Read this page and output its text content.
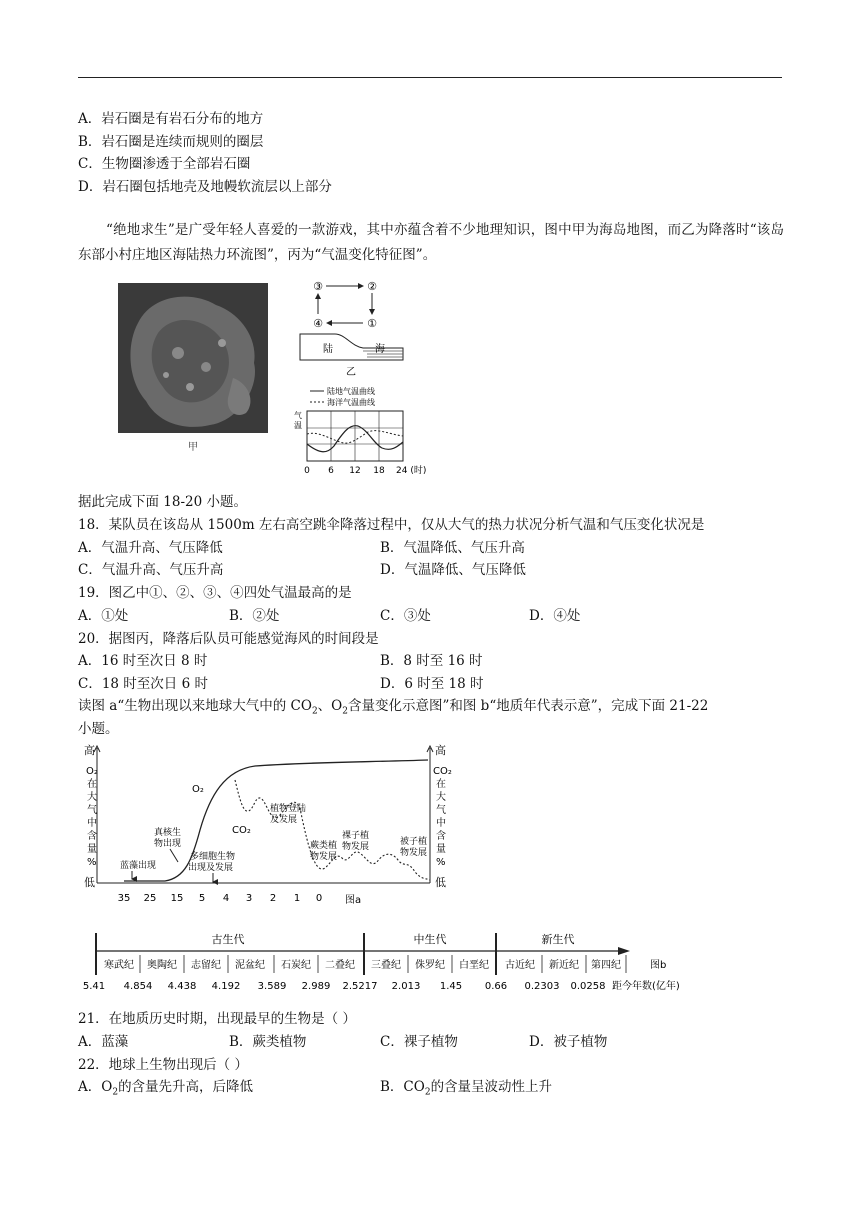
A．岩石圈是有岩石分布的地方
B．岩石圈是连续而规则的圈层
C．生物圈渗透于全部岩石圈
D．岩石圈包括地壳及地幔软流层以上部分
“绝地求生”是广受年轻人喜爱的一款游戏，其中亦蕴含着不少地理知识，图中甲为海岛地图，而乙为降落时“该岛东部小村庄地区海陆热力环流图”，丙为“气温变化特征图”。
甲
③	②
④	①
陆	海
乙
陆地气温曲线
海洋气温曲线
气
温
0 6 12 18 24 (时)
据此完成下面 18-20 小题。
18．某队员在该岛从 1500m 左右高空跳伞降落过程中，仅从大气的热力状况分析气温和气压变化状况是
A．气温升高、气压降低	B．气温降低、气压升高
C．气温升高、气压升高	D．气温降低、气压降低
19．图乙中①、②、③、④四处气温最高的是
A．①处	B．②处	C．③处	D．④处
20．据图丙，降落后队员可能感觉海风的时间段是
A．16 时至次日 8 时	B．8 时至 16 时
C．18 时至次日 6 时	D．6 时至 18 时
读图 a“生物出现以来地球大气中的 $CO_2$、$O_2$含量变化示意图”和图 b“地质年代表示意”，完成下面 21-22
小题。
高
O₂
在
大
气
中
含
量
%
低
高
CO₂
在
大
气
中
含
量
%
低
O₂
CO₂
蓝藻出现
真核生
物出现
多细胞生物
出现及发展
植物登陆
及发展
蕨类植
物发展
裸子植
物发展	被子植
物发展
35 25 15 5 4 3 2 1 0 图a
古生代	中生代	新生代
寒武纪 奥陶纪 志留纪 泥盆纪 石炭纪 二叠纪 三叠纪 侏罗纪 白垩纪 古近纪 新近纪 第四纪	图b
5.41 4.854 4.438 4.192 3.589 2.989 2.5217 2.013 1.45 0.66 0.2303 0.0258 距今年数(亿年)
21．在地质历史时期，出现最早的生物是（ ）
A．蓝藻	B．蕨类植物	C．裸子植物	D．被子植物
22．地球上生物出现后（ ）
A．$O_2$的含量先升高，后降低	B．$CO_2$的含量呈波动性上升
